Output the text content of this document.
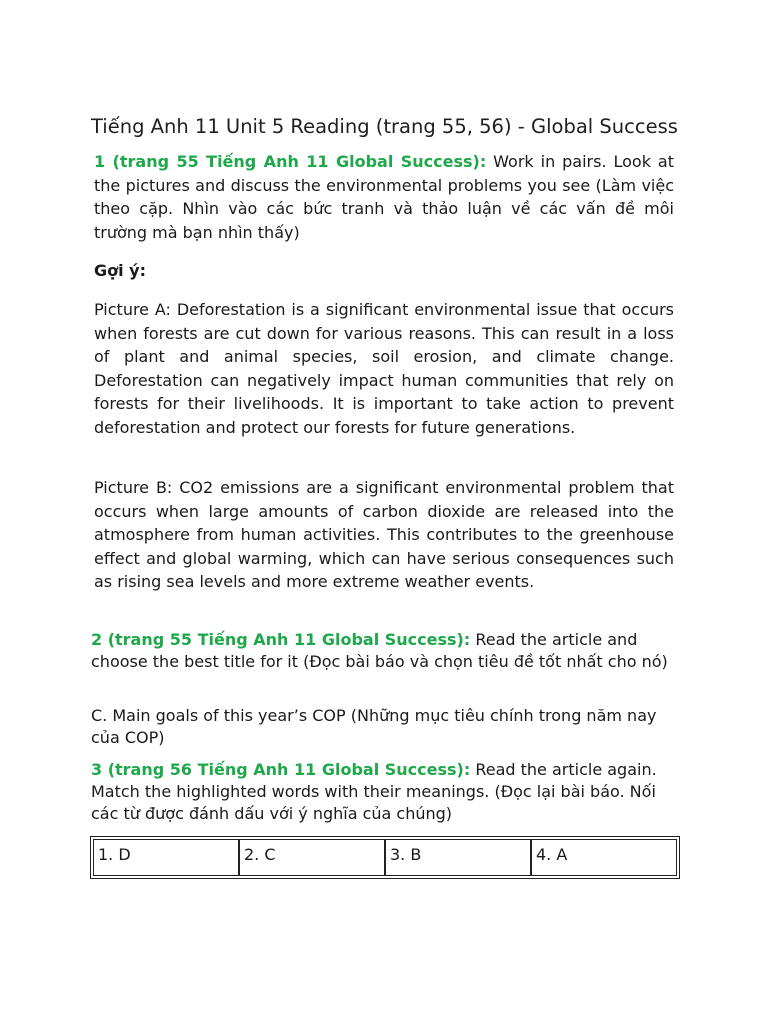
Tiếng Anh 11 Unit 5 Reading (trang 55, 56) - Global Success
1 (trang 55 Tiếng Anh 11 Global Success): Work in pairs. Look at the pictures and discuss the environmental problems you see (Làm việc theo cặp. Nhìn vào các bức tranh và thảo luận về các vấn đề môi trường mà bạn nhìn thấy)
Gợi ý:
Picture A: Deforestation is a significant environmental issue that occurs when forests are cut down for various reasons. This can result in a loss of plant and animal species, soil erosion, and climate change. Deforestation can negatively impact human communities that rely on forests for their livelihoods. It is important to take action to prevent deforestation and protect our forests for future generations.
Picture B: CO2 emissions are a significant environmental problem that occurs when large amounts of carbon dioxide are released into the atmosphere from human activities. This contributes to the greenhouse effect and global warming, which can have serious consequences such as rising sea levels and more extreme weather events.
2 (trang 55 Tiếng Anh 11 Global Success): Read the article and choose the best title for it (Đọc bài báo và chọn tiêu đề tốt nhất cho nó)
C. Main goals of this year’s COP (Những mục tiêu chính trong năm nay của COP)
3 (trang 56 Tiếng Anh 11 Global Success): Read the article again. Match the highlighted words with their meanings. (Đọc lại bài báo. Nối các từ được đánh dấu với ý nghĩa của chúng)
1. D	2. C	3. B	4. A
